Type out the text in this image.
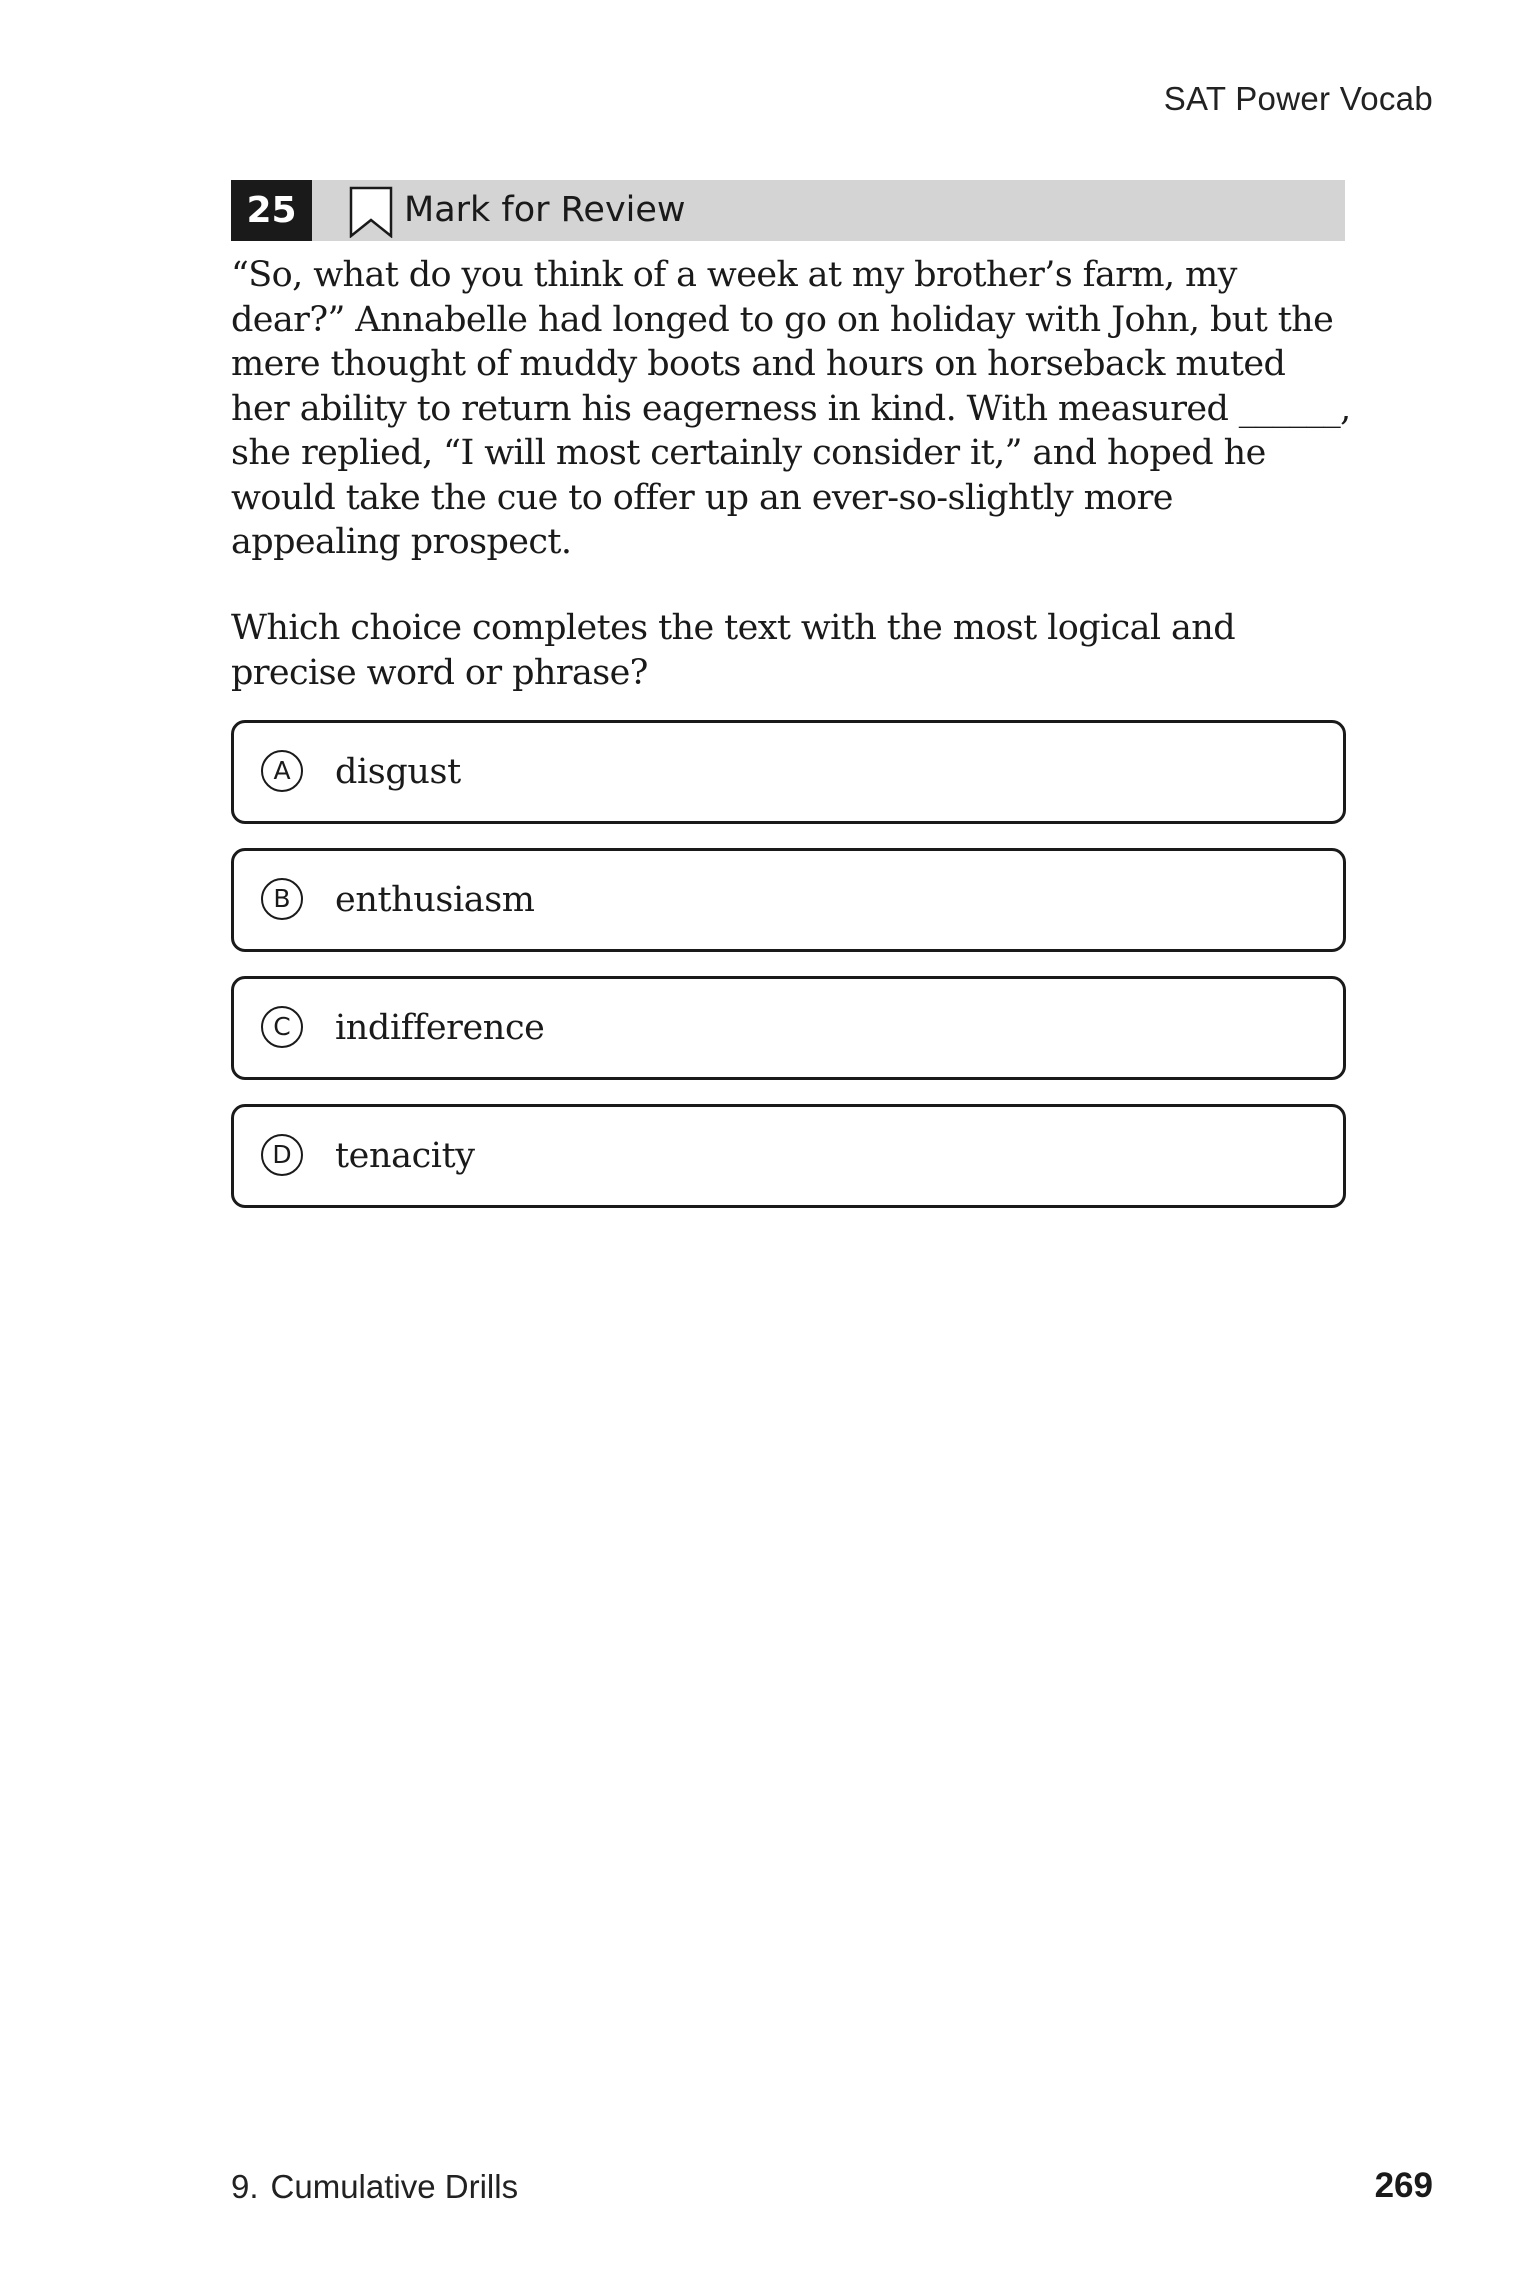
SAT Power Vocab
25	Mark for Review

“So, what do you think of a week at my brother’s farm, my dear?” Annabelle had longed to go on holiday with John, but the mere thought of muddy boots and hours on horseback muted her ability to return his eagerness in kind. With measured ______, she replied, “I will most certainly consider it,” and hoped he would take the cue to offer up an ever-so-slightly more appealing prospect.

Which choice completes the text with the most logical and precise word or phrase?

A	disgust
B	enthusiasm
C	indifference
D	tenacity
9. Cumulative Drills	269
